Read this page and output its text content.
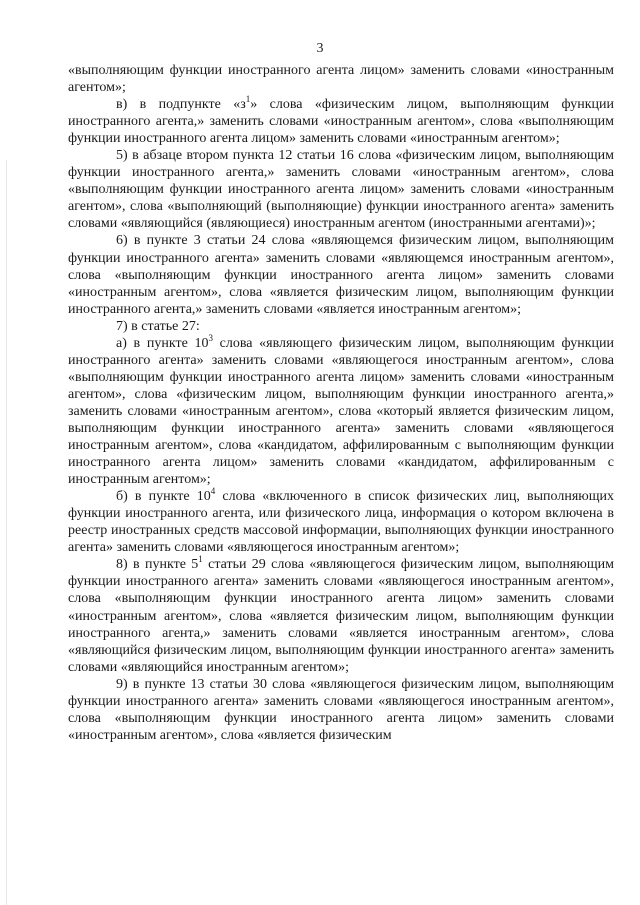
3

«выполняющим функции иностранного агента лицом» заменить словами «иностранным агентом»;

в) в подпункте «$з^1$» слова «физическим лицом, выполняющим функции иностранного агента,» заменить словами «иностранным агентом», слова «выполняющим функции иностранного агента лицом» заменить словами «иностранным агентом»;

5) в абзаце втором пункта 12 статьи 16 слова «физическим лицом, выполняющим функции иностранного агента,» заменить словами «иностранным агентом», слова «выполняющим функции иностранного агента лицом» заменить словами «иностранным агентом», слова «выполняющий (выполняющие) функции иностранного агента» заменить словами «являющийся (являющиеся) иностранным агентом (иностранными агентами)»;

6) в пункте 3 статьи 24 слова «являющемся физическим лицом, выполняющим функции иностранного агента» заменить словами «являющемся иностранным агентом», слова «выполняющим функции иностранного агента лицом» заменить словами «иностранным агентом», слова «является физическим лицом, выполняющим функции иностранного агента,» заменить словами «является иностранным агентом»;

7) в статье 27:

а) в пункте $10^3$ слова «являющего физическим лицом, выполняющим функции иностранного агента» заменить словами «являющегося иностранным агентом», слова «выполняющим функции иностранного агента лицом» заменить словами «иностранным агентом», слова «физическим лицом, выполняющим функции иностранного агента,» заменить словами «иностранным агентом», слова «который является физическим лицом, выполняющим функции иностранного агента» заменить словами «являющегося иностранным агентом», слова «кандидатом, аффилированным с выполняющим функции иностранного агента лицом» заменить словами «кандидатом, аффилированным с иностранным агентом»;

б) в пункте $10^4$ слова «включенного в список физических лиц, выполняющих функции иностранного агента, или физического лица, информация о котором включена в реестр иностранных средств массовой информации, выполняющих функции иностранного агента» заменить словами «являющегося иностранным агентом»;

8) в пункте $5^1$ статьи 29 слова «являющегося физическим лицом, выполняющим функции иностранного агента» заменить словами «являющегося иностранным агентом», слова «выполняющим функции иностранного агента лицом» заменить словами «иностранным агентом», слова «является физическим лицом, выполняющим функции иностранного агента,» заменить словами «является иностранным агентом», слова «являющийся физическим лицом, выполняющим функции иностранного агента» заменить словами «являющийся иностранным агентом»;

9) в пункте 13 статьи 30 слова «являющегося физическим лицом, выполняющим функции иностранного агента» заменить словами «являющегося иностранным агентом», слова «выполняющим функции иностранного агента лицом» заменить словами «иностранным агентом», слова «является физическим
